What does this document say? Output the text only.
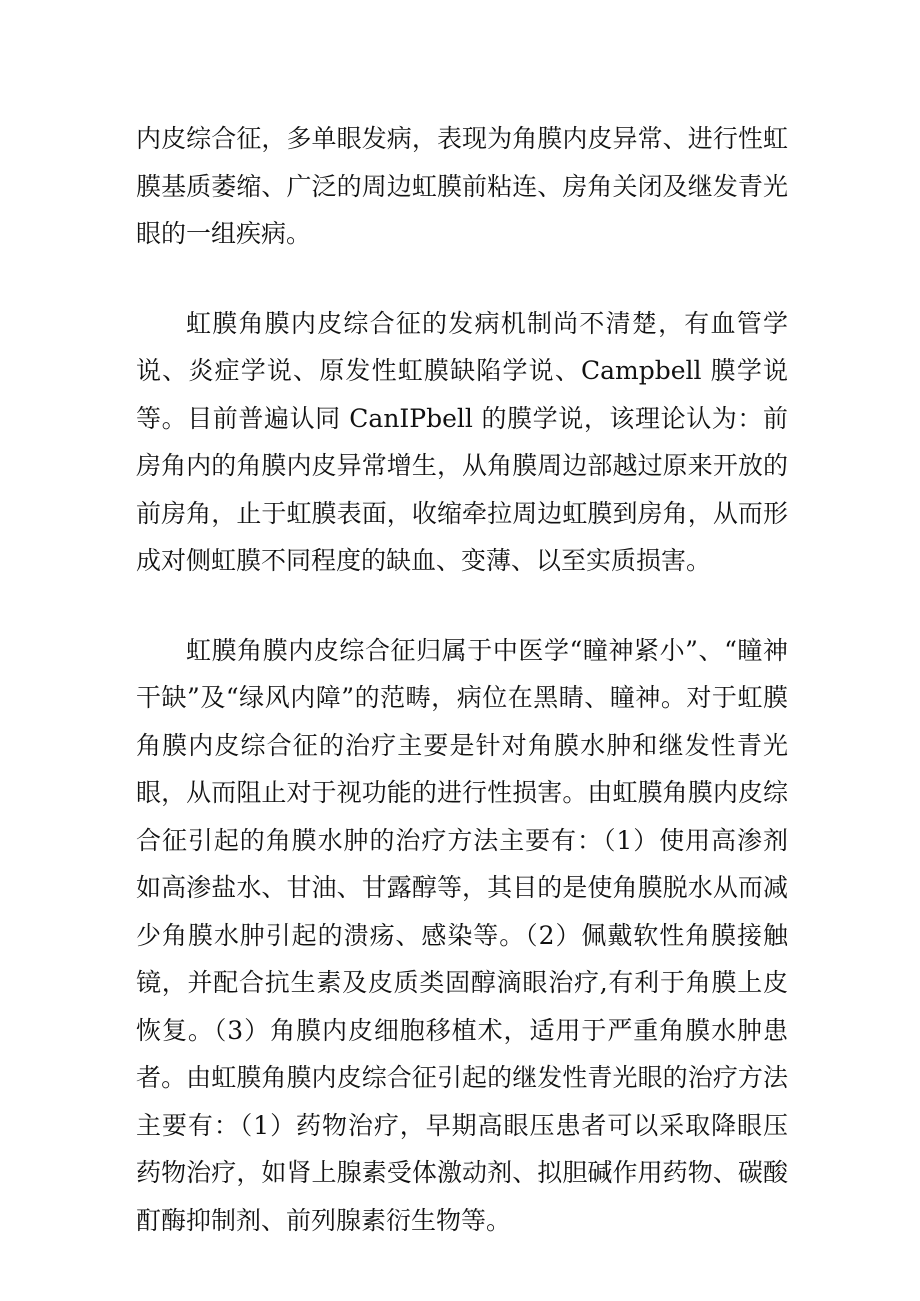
内皮综合征，多单眼发病，表现为角膜内皮异常、进行性虹膜基质萎缩、广泛的周边虹膜前粘连、房角关闭及继发青光眼的一组疾病。

虹膜角膜内皮综合征的发病机制尚不清楚，有血管学说、炎症学说、原发性虹膜缺陷学说、Campbell 膜学说等。目前普遍认同 CanIPbell 的膜学说，该理论认为：前房角内的角膜内皮异常增生，从角膜周边部越过原来开放的前房角，止于虹膜表面，收缩牵拉周边虹膜到房角，从而形成对侧虹膜不同程度的缺血、变薄、以至实质损害。

虹膜角膜内皮综合征归属于中医学“瞳神紧小”、“瞳神干缺”及“绿风内障”的范畴，病位在黑睛、瞳神。对于虹膜角膜内皮综合征的治疗主要是针对角膜水肿和继发性青光眼，从而阻止对于视功能的进行性损害。由虹膜角膜内皮综合征引起的角膜水肿的治疗方法主要有：（1）使用高渗剂如高渗盐水、甘油、甘露醇等，其目的是使角膜脱水从而减少角膜水肿引起的溃疡、感染等。（2）佩戴软性角膜接触镜，并配合抗生素及皮质类固醇滴眼治疗,有利于角膜上皮恢复。（3）角膜内皮细胞移植术，适用于严重角膜水肿患者。由虹膜角膜内皮综合征引起的继发性青光眼的治疗方法主要有：（1）药物治疗，早期高眼压患者可以采取降眼压药物治疗，如肾上腺素受体激动剂、拟胆碱作用药物、碳酸酊酶抑制剂、前列腺素衍生物等。
